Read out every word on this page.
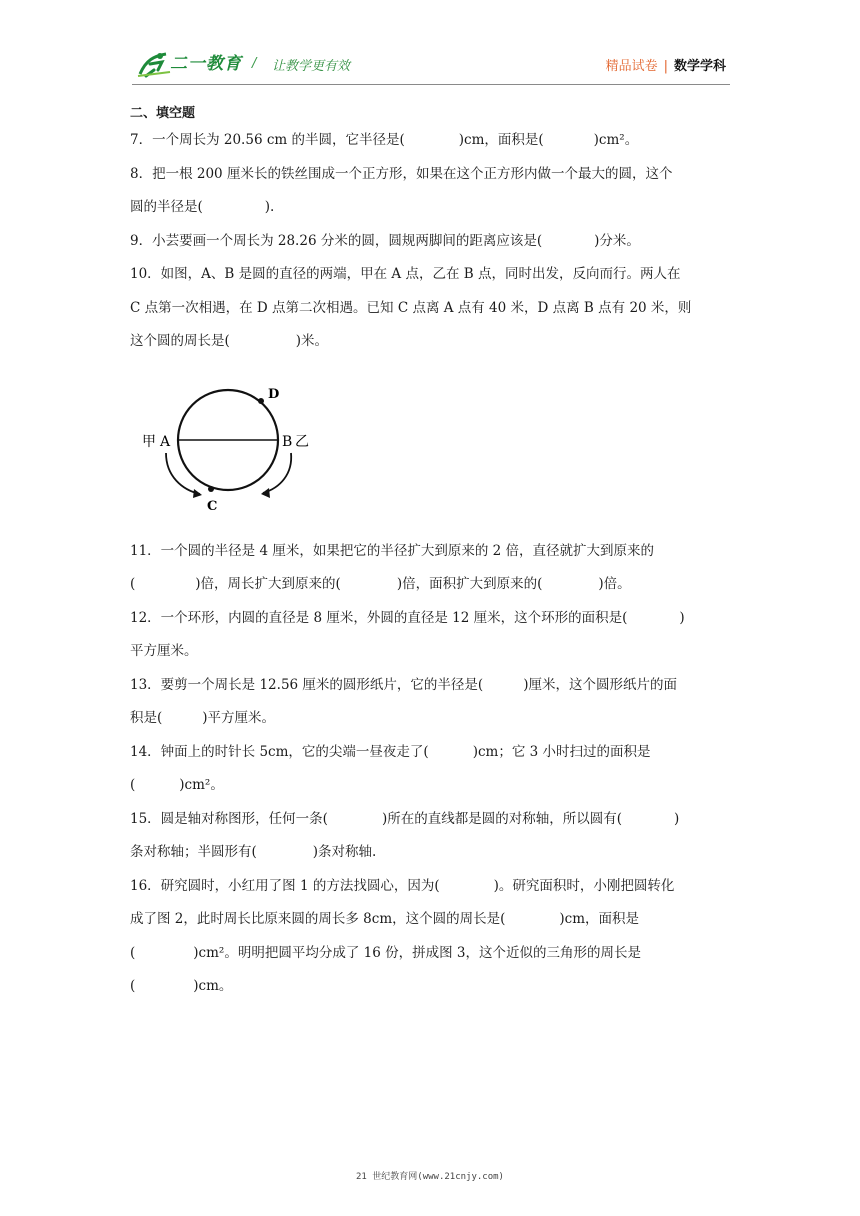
二一教育 / 让教学更有效	精品试卷 | 数学学科
二、填空题
7．一个周长为 20.56 cm 的半圆，它半径是(	)cm，面积是(	)cm²。
8．把一根 200 厘米长的铁丝围成一个正方形，如果在这个正方形内做一个最大的圆，这个
圆的半径是(	).
9．小芸要画一个周长为 28.26 分米的圆，圆规两脚间的距离应该是(	)分米。
10．如图，A、B 是圆的直径的两端，甲在 A 点，乙在 B 点，同时出发，反向而行。两人在
C 点第一次相遇，在 D 点第二次相遇。已知 C 点离 A 点有 40 米，D 点离 B 点有 20 米，则
这个圆的周长是(	)米。
11．一个圆的半径是 4 厘米，如果把它的半径扩大到原来的 2 倍，直径就扩大到原来的
(	)倍，周长扩大到原来的(	)倍，面积扩大到原来的(	)倍。
12．一个环形，内圆的直径是 8 厘米，外圆的直径是 12 厘米，这个环形的面积是(	)
平方厘米。
13．要剪一个周长是 12.56 厘米的圆形纸片，它的半径是(	)厘米，这个圆形纸片的面
积是(	)平方厘米。
14．钟面上的时针长 5cm，它的尖端一昼夜走了(	)cm；它 3 小时扫过的面积是
(	)cm²。
15．圆是轴对称图形，任何一条(	)所在的直线都是圆的对称轴，所以圆有(	)
条对称轴；半圆形有(	)条对称轴.
16．研究圆时，小红用了图 1 的方法找圆心，因为(	)。研究面积时，小刚把圆转化
成了图 2，此时周长比原来圆的周长多 8cm，这个圆的周长是(	)cm，面积是
(	)cm²。明明把圆平均分成了 16 份，拼成图 3，这个近似的三角形的周长是
(	)cm。
甲 A	B 乙
C
D
21 世纪教育网(www.21cnjy.com)
